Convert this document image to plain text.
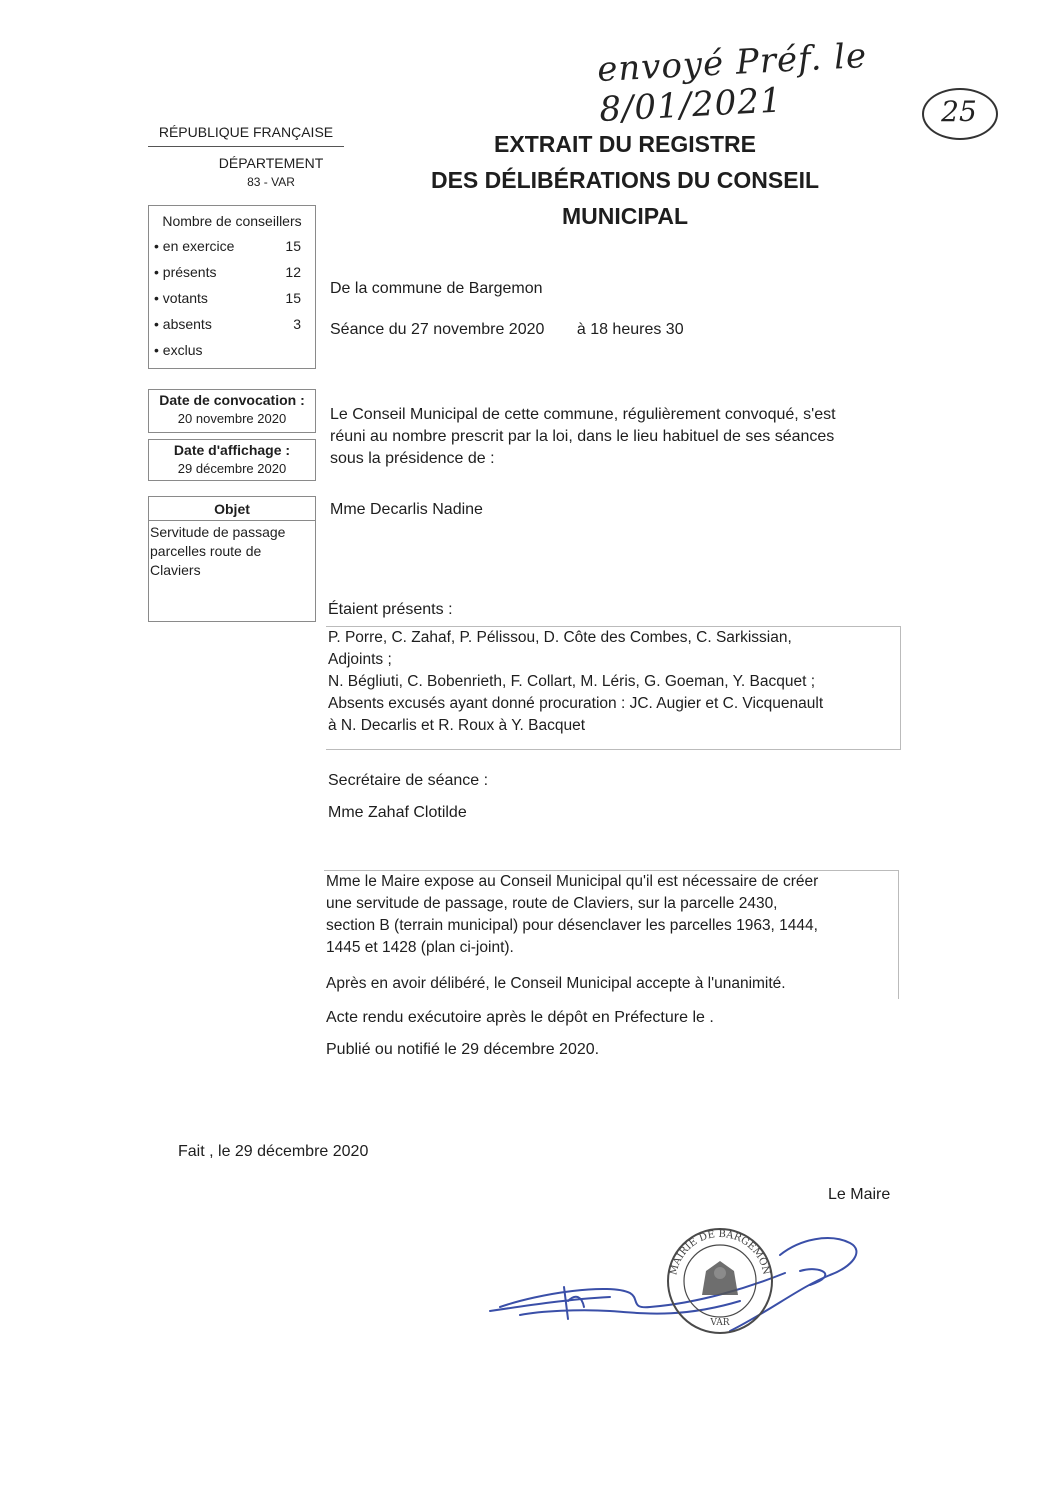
envoyé Préf. le 8/01/2021	25
RÉPUBLIQUE FRANÇAISE
DÉPARTEMENT
83 - VAR
EXTRAIT DU REGISTRE
DES DÉLIBÉRATIONS DU CONSEIL
MUNICIPAL
Nombre de conseillers
• en exercice	15
• présents	12
• votants	15
• absents	3
• exclus
Date de convocation :
20 novembre 2020
Date d'affichage :
29 décembre 2020
Objet
Servitude de passage
parcelles route de
Claviers
De la commune de Bargemon
Séance du 27 novembre 2020 à 18 heures 30
Le Conseil Municipal de cette commune, régulièrement convoqué, s'est
réuni au nombre prescrit par la loi, dans le lieu habituel de ses séances
sous la présidence de :
Mme Decarlis Nadine
Étaient présents :
P. Porre, C. Zahaf, P. Pélissou, D. Côte des Combes, C. Sarkissian,
Adjoints ;
N. Bégliuti, C. Bobenrieth, F. Collart, M. Léris, G. Goeman, Y. Bacquet ;
Absents excusés ayant donné procuration : JC. Augier et C. Vicquenault
à N. Decarlis et R. Roux à Y. Bacquet
Secrétaire de séance :
Mme Zahaf Clotilde
Mme le Maire expose au Conseil Municipal qu'il est nécessaire de créer
une servitude de passage, route de Claviers, sur la parcelle 2430,
section B (terrain municipal) pour désenclaver les parcelles 1963, 1444,
1445 et 1428 (plan ci-joint).
Après en avoir délibéré, le Conseil Municipal accepte à l'unanimité.
Acte rendu exécutoire après le dépôt en Préfecture le .
Publié ou notifié le 29 décembre 2020.
Fait , le 29 décembre 2020
Le Maire
MAIRIE DE BARGEMON
VAR
